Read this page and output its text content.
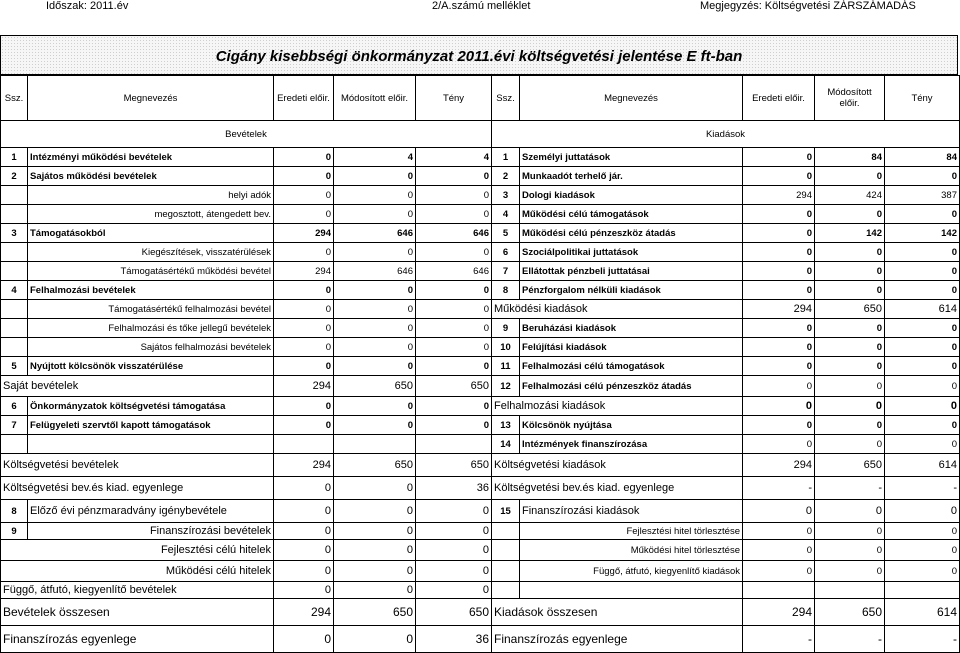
Időszak: 2011.év	2/A.számú melléklet	Megjegyzés: Költségvetési ZÁRSZÁMADÁS
Cigány kisebbségi önkormányzat 2011.évi költségvetési jelentése E ft-ban
Ssz.	Megnevezés	Eredeti előir.	Módosított előir.	Tény	Ssz.	Megnevezés	Eredeti előir.	Módosított előir.	Tény
Bevételek					Kiadások				
1	Intézményi működési bevételek	0	4	4	1	Személyi juttatások	0	84	84
2	Sajátos működési bevételek	0	0	0	2	Munkaadót terhelő jár.	0	0	0
	helyi adók	0	0	0	3	Dologi kiadások	294	424	387
	megosztott, átengedett bev.	0	0	0	4	Működési célú támogatások	0	0	0
3	Támogatásokból	294	646	646	5	Működési célú pénzeszköz átadás	0	142	142
	Kiegészítések, visszatérülések	0	0	0	6	Szociálpolitikai juttatások	0	0	0
	Támogatásértékű működési bevétel	294	646	646	7	Ellátottak pénzbeli juttatásai	0	0	0
4	Felhalmozási bevételek	0	0	0	8	Pénzforgalom nélküli kiadások	0	0	0
	Támogatásértékű felhalmozási bevétel	0	0	0	Működési kiadások		294	650	614
	Felhalmozási és tőke jellegű bevételek	0	0	0	9	Beruházási kiadások	0	0	0
	Sajátos felhalmozási bevételek	0	0	0	10	Felújítási kiadások	0	0	0
5	Nyújtott kölcsönök visszatérülése	0	0	0	11	Felhalmozási célú támogatások	0	0	0
Saját bevételek		294	650	650	12	Felhalmozási célú pénzeszköz átadás	0	0	0
6	Önkormányzatok költségvetési támogatása	0	0	0	Felhalmozási kiadások		0	0	0
7	Felügyeleti szervtől kapott támogatások	0	0	0	13	Kölcsönök nyújtása	0	0	0
					14	Intézmények finanszírozása	0	0	0
Költségvetési bevételek		294	650	650	Költségvetési kiadások		294	650	614
Költségvetési bev.és kiad. egyenlege		0	0	36	Költségvetési bev.és kiad. egyenlege		-	-	-
8	Előző évi pénzmaradvány igénybevétele	0	0	0	15	Finanszírozási kiadások	0	0	0
9	Finanszírozási bevételek	0	0	0		Fejlesztési hitel törlesztése	0	0	0
Fejlesztési célú hitelek		0	0	0		Működési hitel törlesztése	0	0	0
Működési célú hitelek		0	0	0		Függő, átfutó, kiegyenlítő kiadások	0	0	0
Függő, átfutó, kiegyenlítő bevételek		0	0	0					
Bevételek összesen		294	650	650	Kiadások összesen		294	650	614
Finanszírozás egyenlege		0	0	36	Finanszírozás egyenlege		-	-	-
